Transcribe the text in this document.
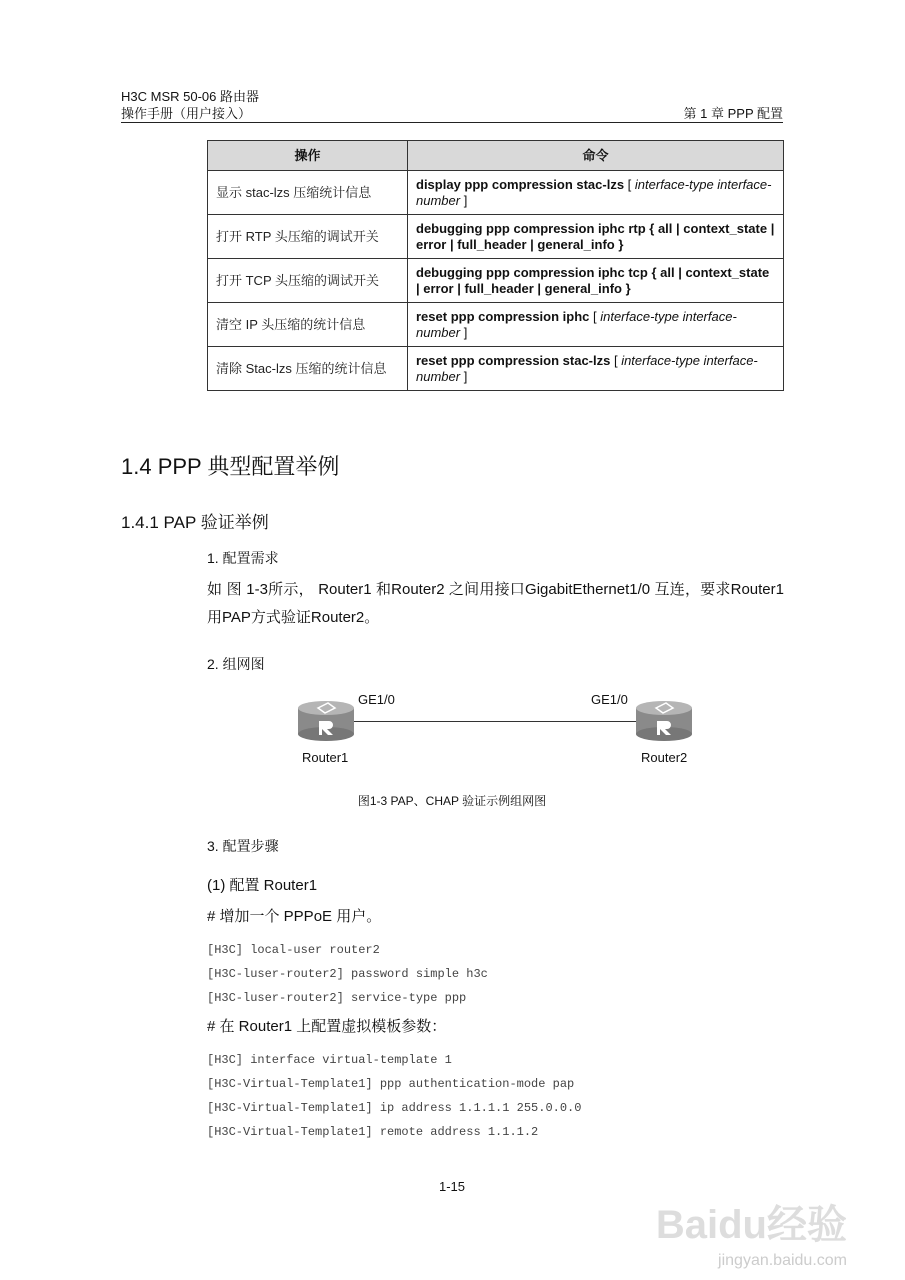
H3C MSR 50-06 路由器
操作手册（用户接入）	第 1 章 PPP 配置
操作	命令
显示 stac-lzs 压缩统计信息	display ppp compression stac-lzs [ interface-type interface-number ]
打开 RTP 头压缩的调试开关	debugging ppp compression iphc rtp { all | context_state | error | full_header | general_info }
打开 TCP 头压缩的调试开关	debugging ppp compression iphc tcp { all | context_state | error | full_header | general_info }
清空 IP 头压缩的统计信息	reset ppp compression iphc [ interface-type interface-number ]
清除 Stac-lzs 压缩的统计信息	reset ppp compression stac-lzs [ interface-type interface-number ]
1.4 PPP 典型配置举例
1.4.1 PAP 验证举例
1. 配置需求
如 图 1-3所示， Router1 和Router2 之间用接口GigabitEthernet1/0 互连，要求Router1 用PAP方式验证Router2。
2. 组网图
GE1/0	GE1/0
Router1	Router2
图1-3 PAP、CHAP 验证示例组网图
3. 配置步骤
(1) 配置 Router1
# 增加一个 PPPoE 用户。
[H3C] local-user router2
[H3C-luser-router2] password simple h3c
[H3C-luser-router2] service-type ppp
# 在 Router1 上配置虚拟模板参数：
[H3C] interface virtual-template 1
[H3C-Virtual-Template1] ppp authentication-mode pap
[H3C-Virtual-Template1] ip address 1.1.1.1 255.0.0.0
[H3C-Virtual-Template1] remote address 1.1.1.2
1-15
Baidu经验
jingyan.baidu.com
